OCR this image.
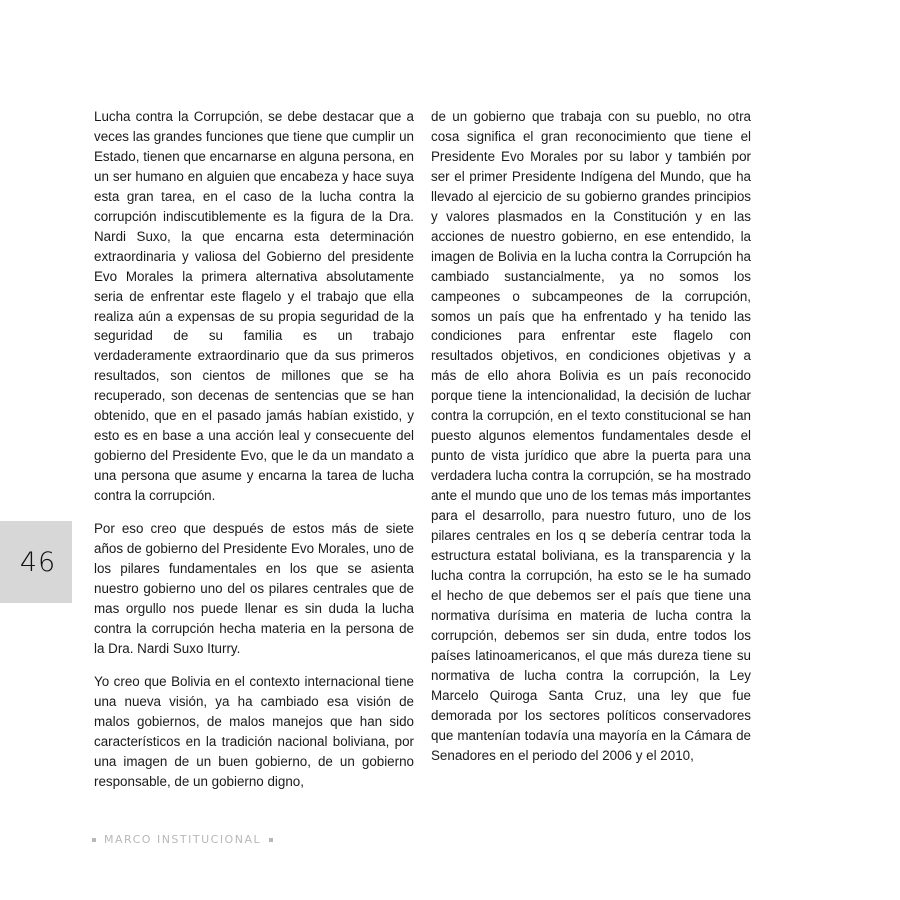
46

Lucha contra la Corrupción, se debe destacar que a veces las grandes funciones que tiene que cumplir un Estado, tienen que encarnarse en alguna persona, en un ser humano en alguien que encabeza y hace suya esta gran tarea, en el caso de la lucha contra la corrupción indiscutiblemente es la figura de la Dra. Nardi Suxo, la que encarna esta determinación extraordinaria y valiosa del Gobierno del presidente Evo Morales la primera alternativa absolutamente seria de enfrentar este flagelo y el trabajo que ella realiza aún a expensas de su propia seguridad de la seguridad de su familia es un trabajo verdaderamente extraordinario que da sus primeros resultados, son cientos de millones que se ha recuperado, son decenas de sentencias que se han obtenido, que en el pasado jamás habían existido, y esto es en base a una acción leal y consecuente del gobierno del Presidente Evo, que le da un mandato a una persona que asume y encarna la tarea de lucha contra la corrupción.

Por eso creo que después de estos más de siete años de gobierno del Presidente Evo Morales, uno de los pilares fundamentales en los que se asienta nuestro gobierno uno del os pilares centrales que de mas orgullo nos puede llenar es sin duda la lucha contra la corrupción hecha materia en la persona de la Dra. Nardi Suxo Iturry.

Yo creo que Bolivia en el contexto internacional tiene una nueva visión, ya ha cambiado esa visión de malos gobiernos, de malos manejos que han sido característicos en la tradición nacional boliviana, por una imagen de un buen gobierno, de un gobierno responsable, de un gobierno digno,

de un gobierno que trabaja con su pueblo, no otra cosa significa el gran reconocimiento que tiene el Presidente Evo Morales por su labor y también por ser el primer Presidente Indígena del Mundo, que ha llevado al ejercicio de su gobierno grandes principios y valores plasmados en la Constitución y en las acciones de nuestro gobierno, en ese entendido, la imagen de Bolivia en la lucha contra la Corrupción ha cambiado sustancialmente, ya no somos los campeones o subcampeones de la corrupción, somos un país que ha enfrentado y ha tenido las condiciones para enfrentar este flagelo con resultados objetivos, en condiciones objetivas y a más de ello ahora Bolivia es un país reconocido porque tiene la intencionalidad, la decisión de luchar contra la corrupción, en el texto constitucional se han puesto algunos elementos fundamentales desde el punto de vista jurídico que abre la puerta para una verdadera lucha contra la corrupción, se ha mostrado ante el mundo que uno de los temas más importantes para el desarrollo, para nuestro futuro, uno de los pilares centrales en los q se debería centrar toda la estructura estatal boliviana, es la transparencia y la lucha contra la corrupción, ha esto se le ha sumado el hecho de que debemos ser el país que tiene una normativa durísima en materia de lucha contra la corrupción, debemos ser sin duda, entre todos los países latinoamericanos, el que más dureza tiene su normativa de lucha contra la corrupción, la Ley Marcelo Quiroga Santa Cruz, una ley que fue demorada por los sectores políticos conservadores que mantenían todavía una mayoría en la Cámara de Senadores en el periodo del 2006 y el 2010,

MARCO INSTITUCIONAL
